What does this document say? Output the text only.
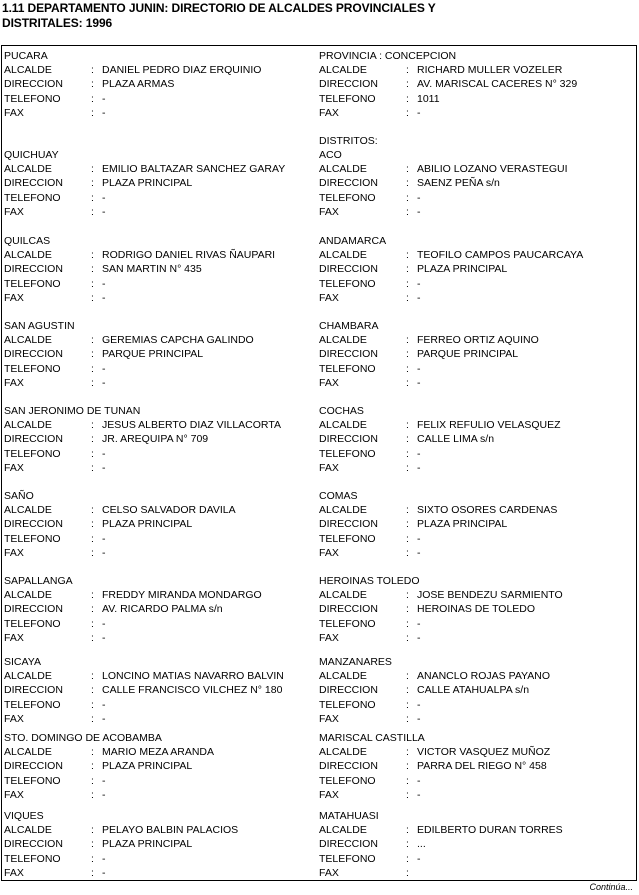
1.11 DEPARTAMENTO JUNIN: DIRECTORIO DE ALCALDES PROVINCIALES Y
DISTRITALES: 1996
PUCARA
ALCALDE	: DANIEL PEDRO DIAZ ERQUINIO
DIRECCION	: PLAZA ARMAS
TELEFONO	: -
FAX	: -
QUICHUAY
ALCALDE	: EMILIO BALTAZAR SANCHEZ GARAY
DIRECCION	: PLAZA PRINCIPAL
TELEFONO	: -
FAX	: -
QUILCAS
ALCALDE	: RODRIGO DANIEL RIVAS ÑAUPARI
DIRECCION	: SAN MARTIN N° 435
TELEFONO	: -
FAX	: -
SAN AGUSTIN
ALCALDE	: GEREMIAS CAPCHA GALINDO
DIRECCION	: PARQUE PRINCIPAL
TELEFONO	: -
FAX	: -
SAN JERONIMO DE TUNAN
ALCALDE	: JESUS ALBERTO DIAZ VILLACORTA
DIRECCION	: JR. AREQUIPA N° 709
TELEFONO	: -
FAX	: -
SAÑO
ALCALDE	: CELSO SALVADOR DAVILA
DIRECCION	: PLAZA PRINCIPAL
TELEFONO	: -
FAX	: -
SAPALLANGA
ALCALDE	: FREDDY MIRANDA MONDARGO
DIRECCION	: AV. RICARDO PALMA s/n
TELEFONO	: -
FAX	: -
SICAYA
ALCALDE	: LONCINO MATIAS NAVARRO BALVIN
DIRECCION	: CALLE FRANCISCO VILCHEZ N° 180
TELEFONO	: -
FAX	: -
STO. DOMINGO DE ACOBAMBA
ALCALDE	: MARIO MEZA ARANDA
DIRECCION	: PLAZA PRINCIPAL
TELEFONO	: -
FAX	: -
VIQUES
ALCALDE	: PELAYO BALBIN PALACIOS
DIRECCION	: PLAZA PRINCIPAL
TELEFONO	: -
FAX	: -
PROVINCIA : CONCEPCION
ALCALDE	: RICHARD MULLER VOZELER
DIRECCION	: AV. MARISCAL CACERES N° 329
TELEFONO	: 1011
FAX	: -
DISTRITOS:
ACO
ALCALDE	: ABILIO LOZANO VERASTEGUI
DIRECCION	: SAENZ PEÑA s/n
TELEFONO	: -
FAX	: -
ANDAMARCA
ALCALDE	: TEOFILO CAMPOS PAUCARCAYA
DIRECCION	: PLAZA PRINCIPAL
TELEFONO	: -
FAX	: -
CHAMBARA
ALCALDE	: FERREO ORTIZ AQUINO
DIRECCION	: PARQUE PRINCIPAL
TELEFONO	: -
FAX	: -
COCHAS
ALCALDE	: FELIX REFULIO VELASQUEZ
DIRECCION	: CALLE LIMA s/n
TELEFONO	: -
FAX	: -
COMAS
ALCALDE	: SIXTO OSORES CARDENAS
DIRECCION	: PLAZA PRINCIPAL
TELEFONO	: -
FAX	: -
HEROINAS TOLEDO
ALCALDE	: JOSE BENDEZU SARMIENTO
DIRECCION	: HEROINAS DE TOLEDO
TELEFONO	: -
FAX	: -
MANZANARES
ALCALDE	: ANANCLO ROJAS PAYANO
DIRECCION	: CALLE ATAHUALPA s/n
TELEFONO	: -
FAX	: -
MARISCAL CASTILLA
ALCALDE	: VICTOR VASQUEZ MUÑOZ
DIRECCION	: PARRA DEL RIEGO N° 458
TELEFONO	: -
FAX	: -
MATAHUASI
ALCALDE	: EDILBERTO DURAN TORRES
DIRECCION	: ...
TELEFONO	: -
FAX	:
Continúa...
